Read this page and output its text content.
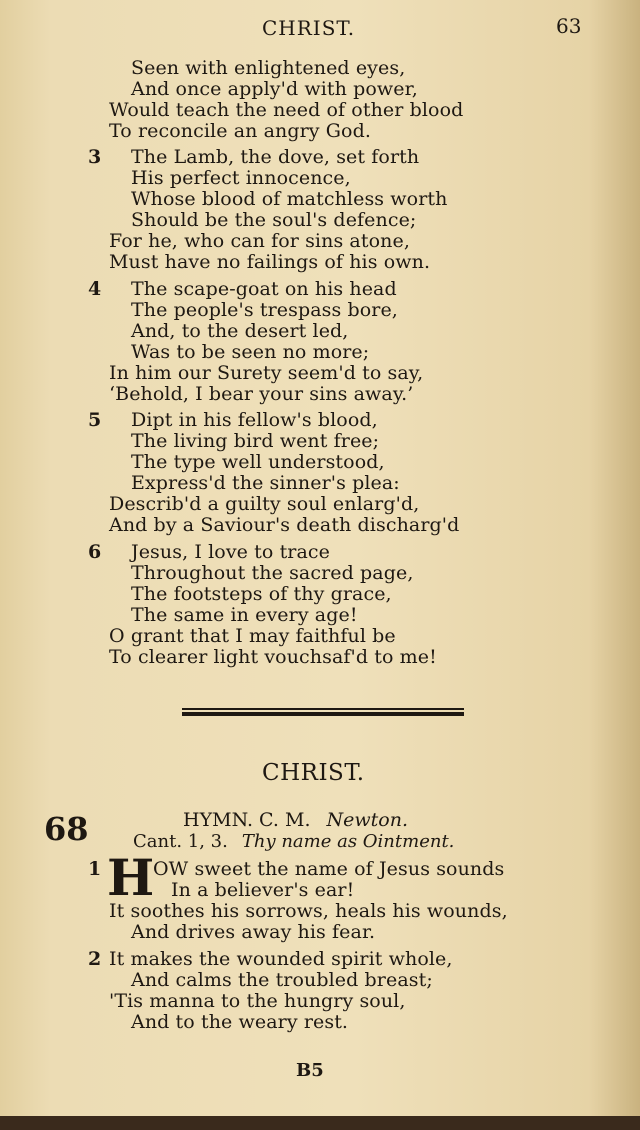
CHRIST.	63
Seen with enlightened eyes,
And once apply'd with power,
Would teach the need of other blood
To reconcile an angry God.
3 The Lamb, the dove, set forth
His perfect innocence,
Whose blood of matchless worth
Should be the soul's defence;
For he, who can for sins atone,
Must have no failings of his own.
4 The scape-goat on his head
The people's trespass bore,
And, to the desert led,
Was to be seen no more;
In him our Surety seem'd to say,
‘Behold, I bear your sins away.’
5 Dipt in his fellow's blood,
The living bird went free;
The type well understood,
Express'd the sinner's plea:
Describ'd a guilty soul enlarg'd,
And by a Saviour's death discharg'd
6 Jesus, I love to trace
Throughout the sacred page,
The footsteps of thy grace,
The same in every age!
O grant that I may faithful be
To clearer light vouchsaf'd to me!
CHRIST.
68	HYMN. C. M. Newton.
Cant. 1, 3. Thy name as Ointment.
1 H
OW sweet the name of Jesus sounds
In a believer's ear!
It soothes his sorrows, heals his wounds,
And drives away his fear.
2 It makes the wounded spirit whole,
And calms the troubled breast;
'Tis manna to the hungry soul,
And to the weary rest.
B5
